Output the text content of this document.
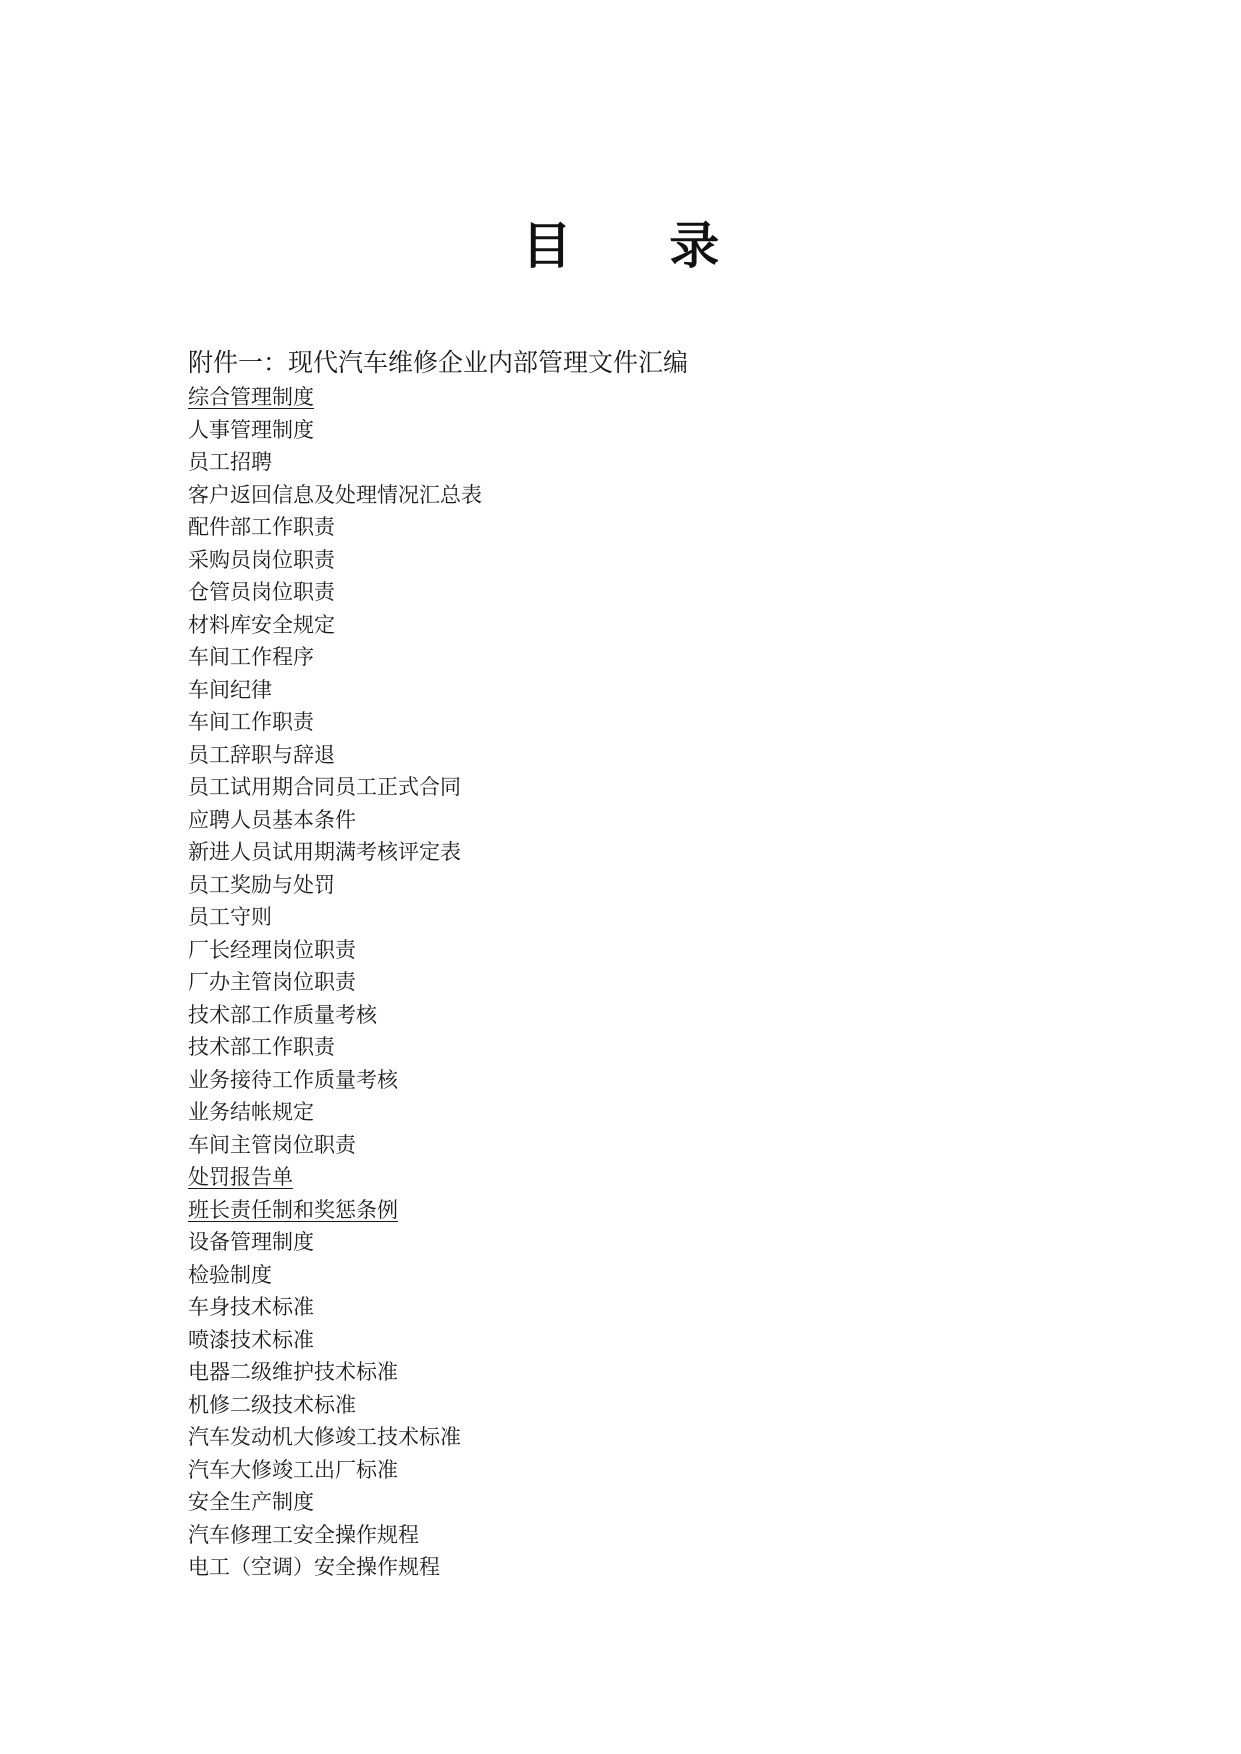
目 录
附件一：现代汽车维修企业内部管理文件汇编
综合管理制度
人事管理制度
员工招聘
客户返回信息及处理情况汇总表
配件部工作职责
采购员岗位职责
仓管员岗位职责
材料库安全规定
车间工作程序
车间纪律
车间工作职责
员工辞职与辞退
员工试用期合同员工正式合同
应聘人员基本条件
新进人员试用期满考核评定表
员工奖励与处罚
员工守则
厂长经理岗位职责
厂办主管岗位职责
技术部工作质量考核
技术部工作职责
业务接待工作质量考核
业务结帐规定
车间主管岗位职责
处罚报告单
班长责任制和奖惩条例
设备管理制度
检验制度
车身技术标准
喷漆技术标准
电器二级维护技术标准
机修二级技术标准
汽车发动机大修竣工技术标准
汽车大修竣工出厂标准
安全生产制度
汽车修理工安全操作规程
电工（空调）安全操作规程
